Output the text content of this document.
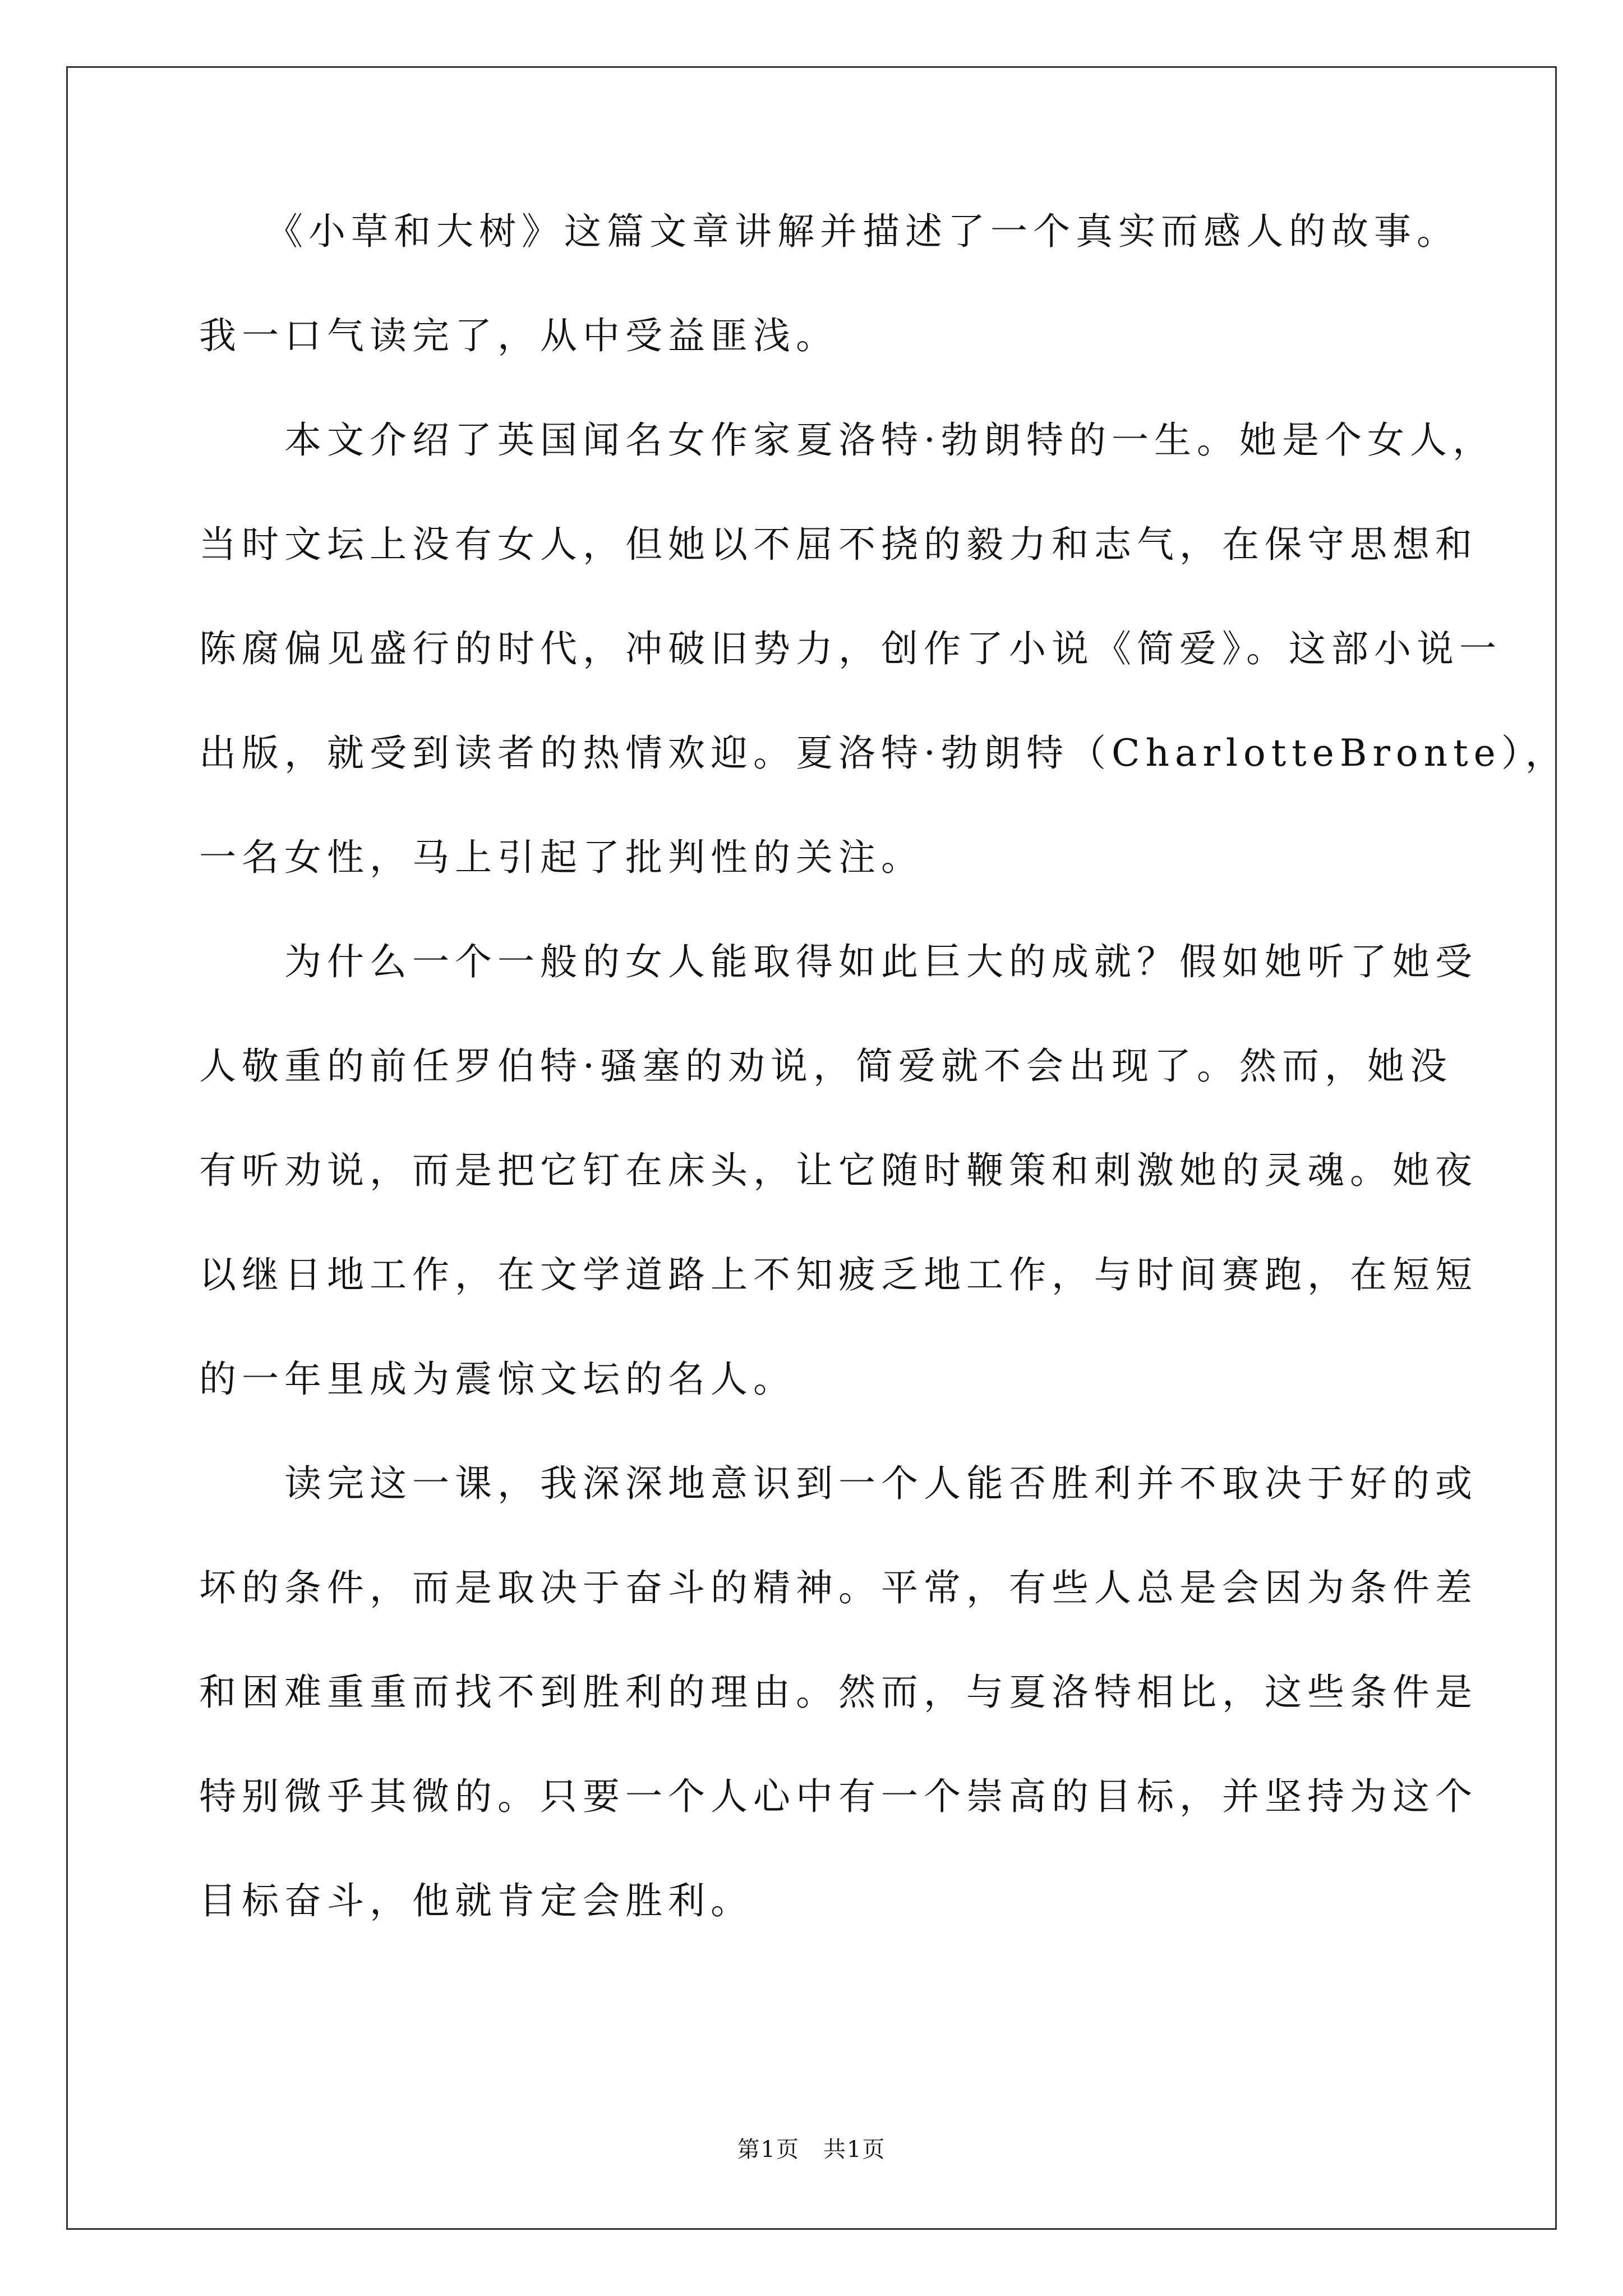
　　《小草和大树》这篇文章讲解并描述了一个真实而感人的故事。
我一口气读完了，从中受益匪浅。
　　本文介绍了英国闻名女作家夏洛特·勃朗特的一生。她是个女人，
当时文坛上没有女人，但她以不屈不挠的毅力和志气，在保守思想和
陈腐偏见盛行的时代，冲破旧势力，创作了小说《简爱》。这部小说一
出版，就受到读者的热情欢迎。夏洛特·勃朗特（CharlotteBronte），
一名女性，马上引起了批判性的关注。
　　为什么一个一般的女人能取得如此巨大的成就？假如她听了她受
人敬重的前任罗伯特·骚塞的劝说，简爱就不会出现了。然而，她没
有听劝说，而是把它钉在床头，让它随时鞭策和刺激她的灵魂。她夜
以继日地工作，在文学道路上不知疲乏地工作，与时间赛跑，在短短
的一年里成为震惊文坛的名人。
　　读完这一课，我深深地意识到一个人能否胜利并不取决于好的或
坏的条件，而是取决于奋斗的精神。平常，有些人总是会因为条件差
和困难重重而找不到胜利的理由。然而，与夏洛特相比，这些条件是
特别微乎其微的。只要一个人心中有一个崇高的目标，并坚持为这个
目标奋斗，他就肯定会胜利。
第1页　共1页
